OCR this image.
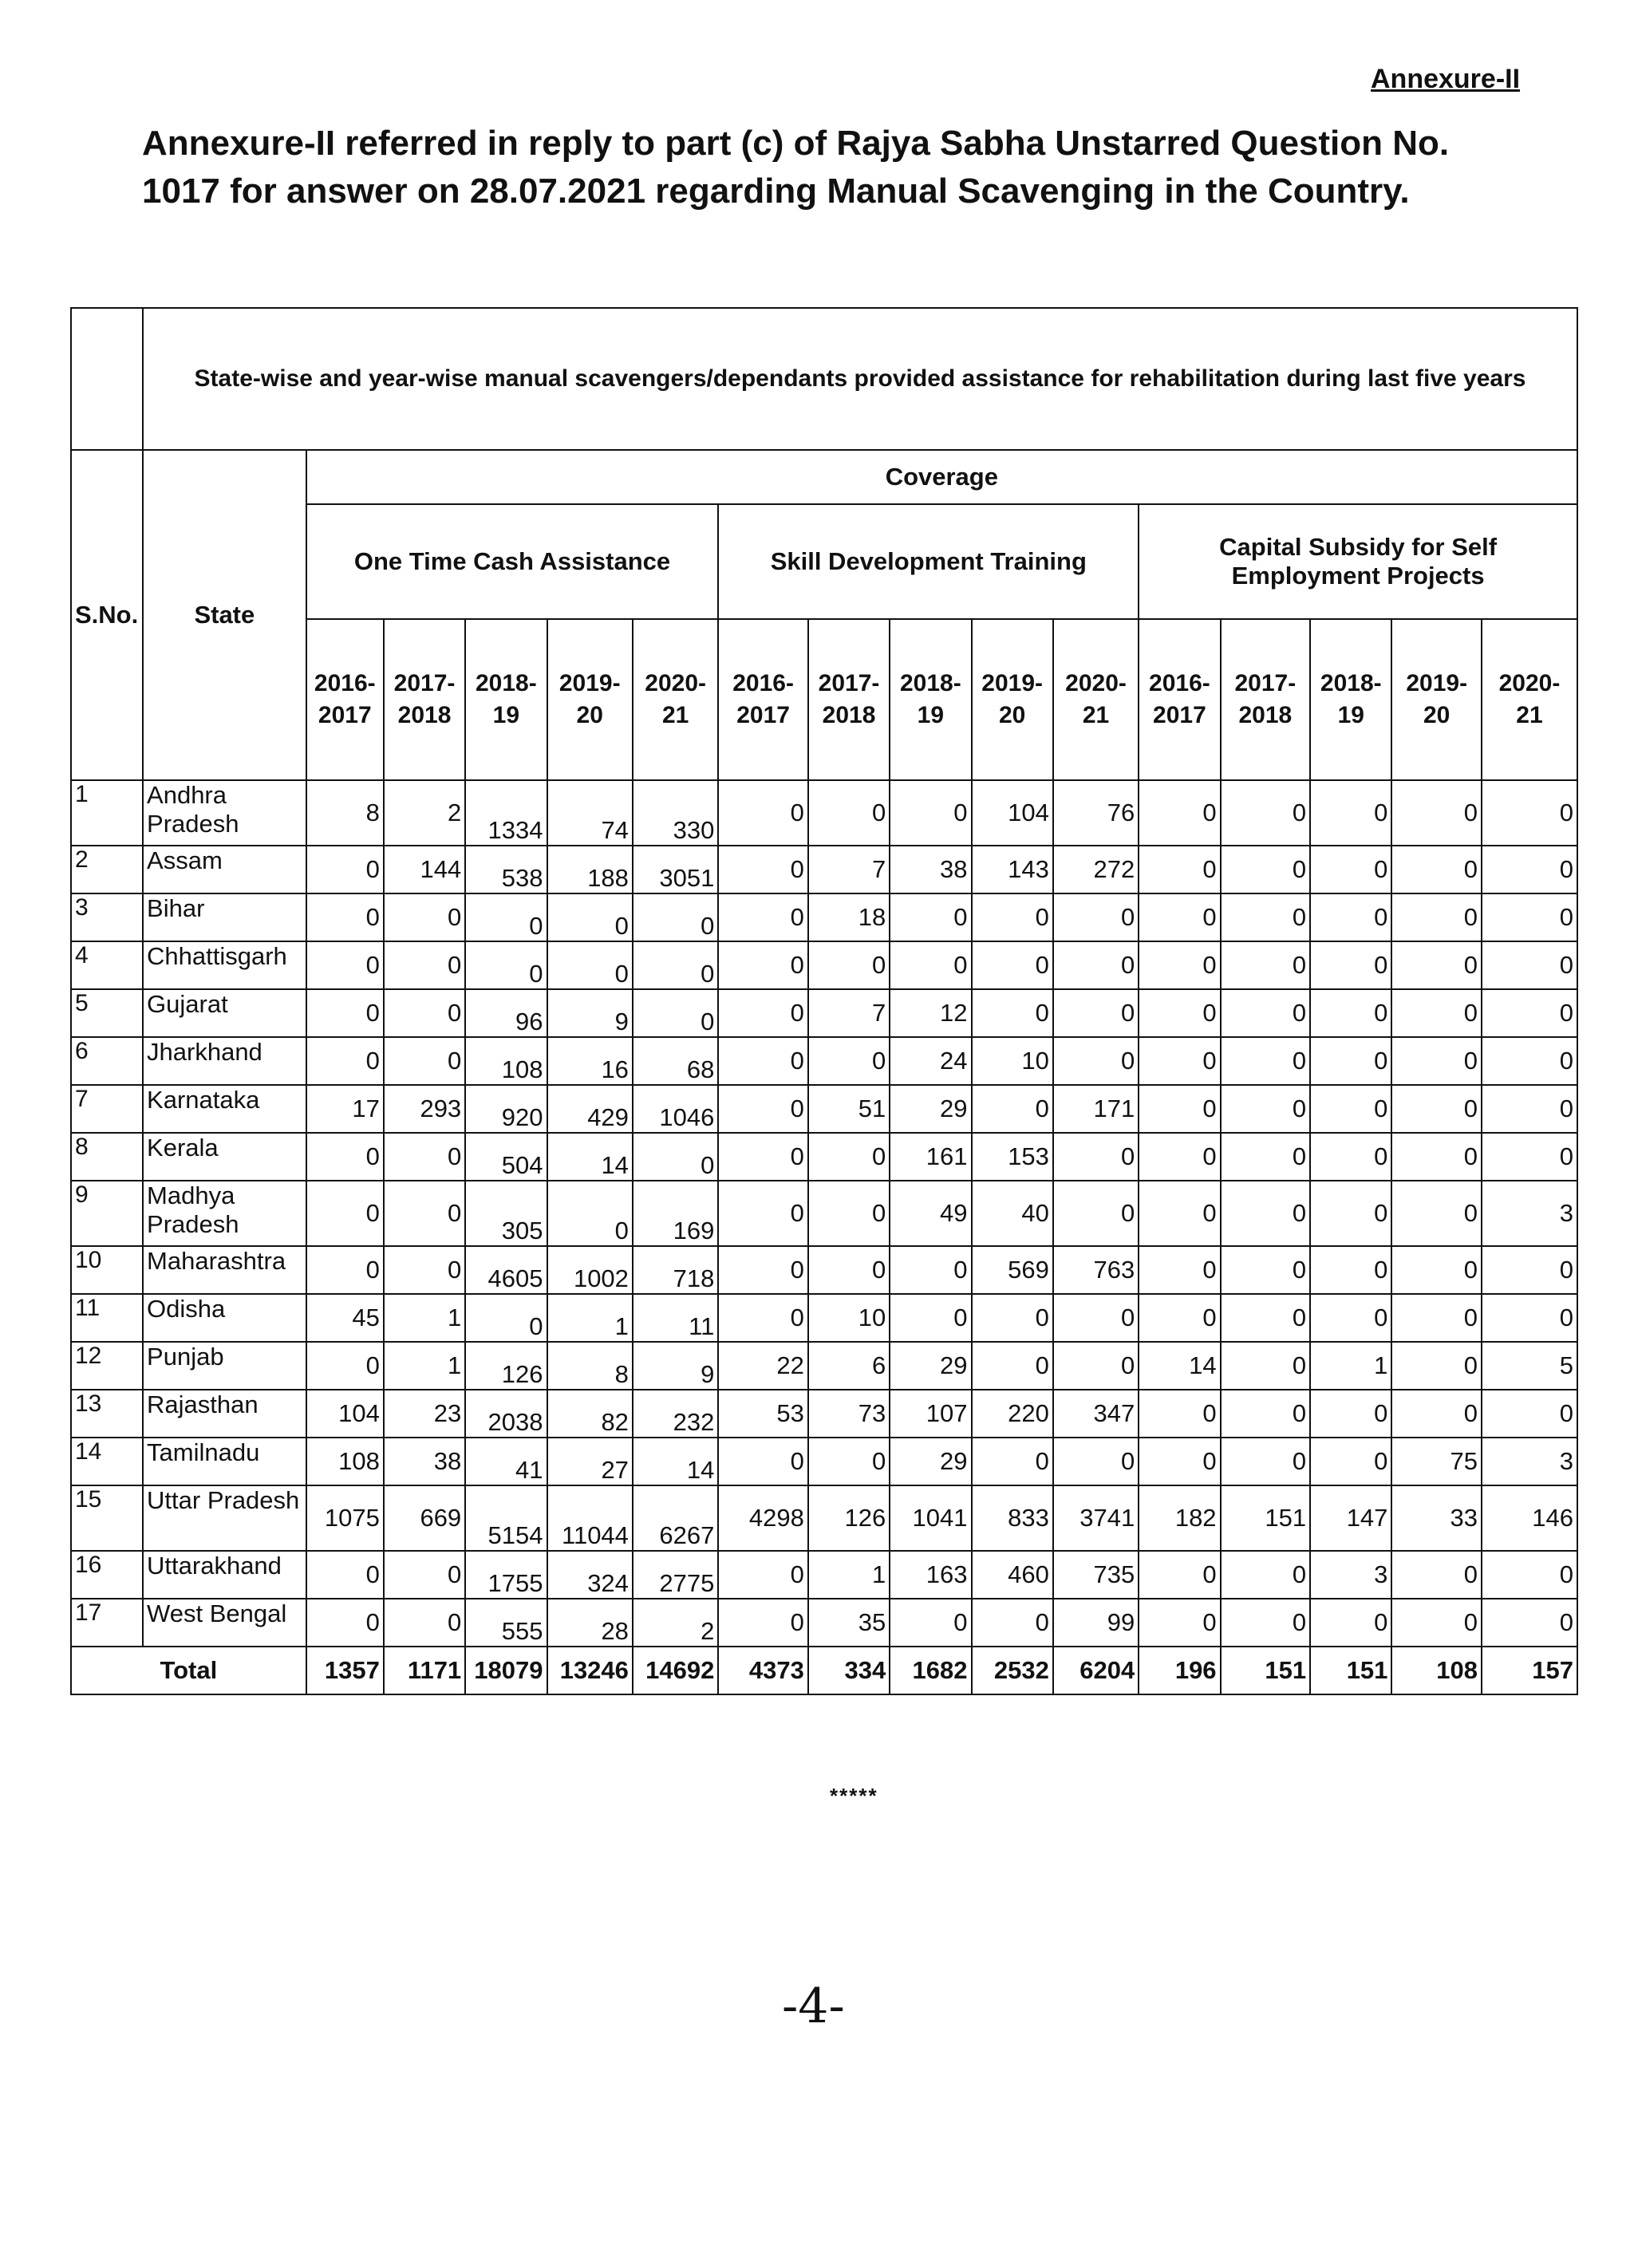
Annexure-II
Annexure-II referred in reply to part (c) of Rajya Sabha Unstarred Question No. 1017 for answer on 28.07.2021 regarding Manual Scavenging in the Country.
	State-wise and year-wise manual scavengers/dependants provided assistance for rehabilitation during last five years															
S.No.	State	Coverage														
		One Time Cash Assistance					Skill Development Training					Capital Subsidy for Self Employment Projects				
		2016-2017	2017-2018	2018-19	2019-20	2020-21	2016-2017	2017-2018	2018-19	2019-20	2020-21	2016-2017	2017-2018	2018-19	2019-20	2020-21
1	Andhra Pradesh	8	2	1334	74	330	0	0	0	104	76	0	0	0	0	0
2	Assam	0	144	538	188	3051	0	7	38	143	272	0	0	0	0	0
3	Bihar	0	0	0	0	0	0	18	0	0	0	0	0	0	0	0
4	Chhattisgarh	0	0	0	0	0	0	0	0	0	0	0	0	0	0	0
5	Gujarat	0	0	96	9	0	0	7	12	0	0	0	0	0	0	0
6	Jharkhand	0	0	108	16	68	0	0	24	10	0	0	0	0	0	0
7	Karnataka	17	293	920	429	1046	0	51	29	0	171	0	0	0	0	0
8	Kerala	0	0	504	14	0	0	0	161	153	0	0	0	0	0	0
9	Madhya Pradesh	0	0	305	0	169	0	0	49	40	0	0	0	0	0	3
10	Maharashtra	0	0	4605	1002	718	0	0	0	569	763	0	0	0	0	0
11	Odisha	45	1	0	1	11	0	10	0	0	0	0	0	0	0	0
12	Punjab	0	1	126	8	9	22	6	29	0	0	14	0	1	0	5
13	Rajasthan	104	23	2038	82	232	53	73	107	220	347	0	0	0	0	0
14	Tamilnadu	108	38	41	27	14	0	0	29	0	0	0	0	0	75	3
15	Uttar Pradesh	1075	669	5154	11044	6267	4298	126	1041	833	3741	182	151	147	33	146
16	Uttarakhand	0	0	1755	324	2775	0	1	163	460	735	0	0	3	0	0
17	West Bengal	0	0	555	28	2	0	35	0	0	99	0	0	0	0	0
Total		1357	1171	18079	13246	14692	4373	334	1682	2532	6204	196	151	151	108	157
*****
-4-
